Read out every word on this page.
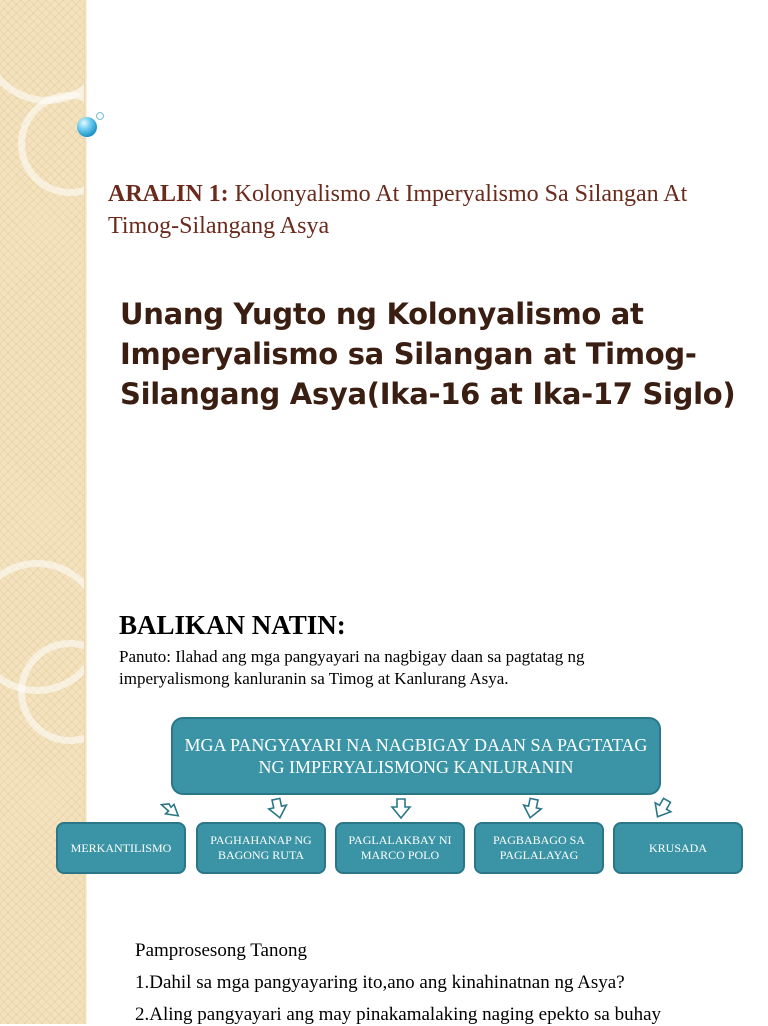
ARALIN 1: Kolonyalismo At Imperyalismo Sa Silangan At Timog-Silangang Asya
Unang Yugto ng Kolonyalismo at Imperyalismo sa Silangan at Timog-Silangang Asya(Ika-16 at Ika-17 Siglo)
BALIKAN NATIN:
Panuto: Ilahad ang mga pangyayari na nagbigay daan sa pagtatag ng imperyalismong kanluranin sa Timog at Kanlurang Asya.
MGA PANGYAYARI NA NAGBIGAY DAAN SA PAGTATAG NG IMPERYALISMONG KANLURANIN
MERKANTILISMO
PAGHAHANAP NG BAGONG RUTA
PAGLALAKBAY NI MARCO POLO
PAGBABAGO SA PAGLALAYAG
KRUSADA
Pamprosesong Tanong
1.Dahil sa mga pangyayaring ito,ano ang kinahinatnan ng Asya?
2.Aling pangyayari ang may pinakamalaking naging epekto sa buhay
